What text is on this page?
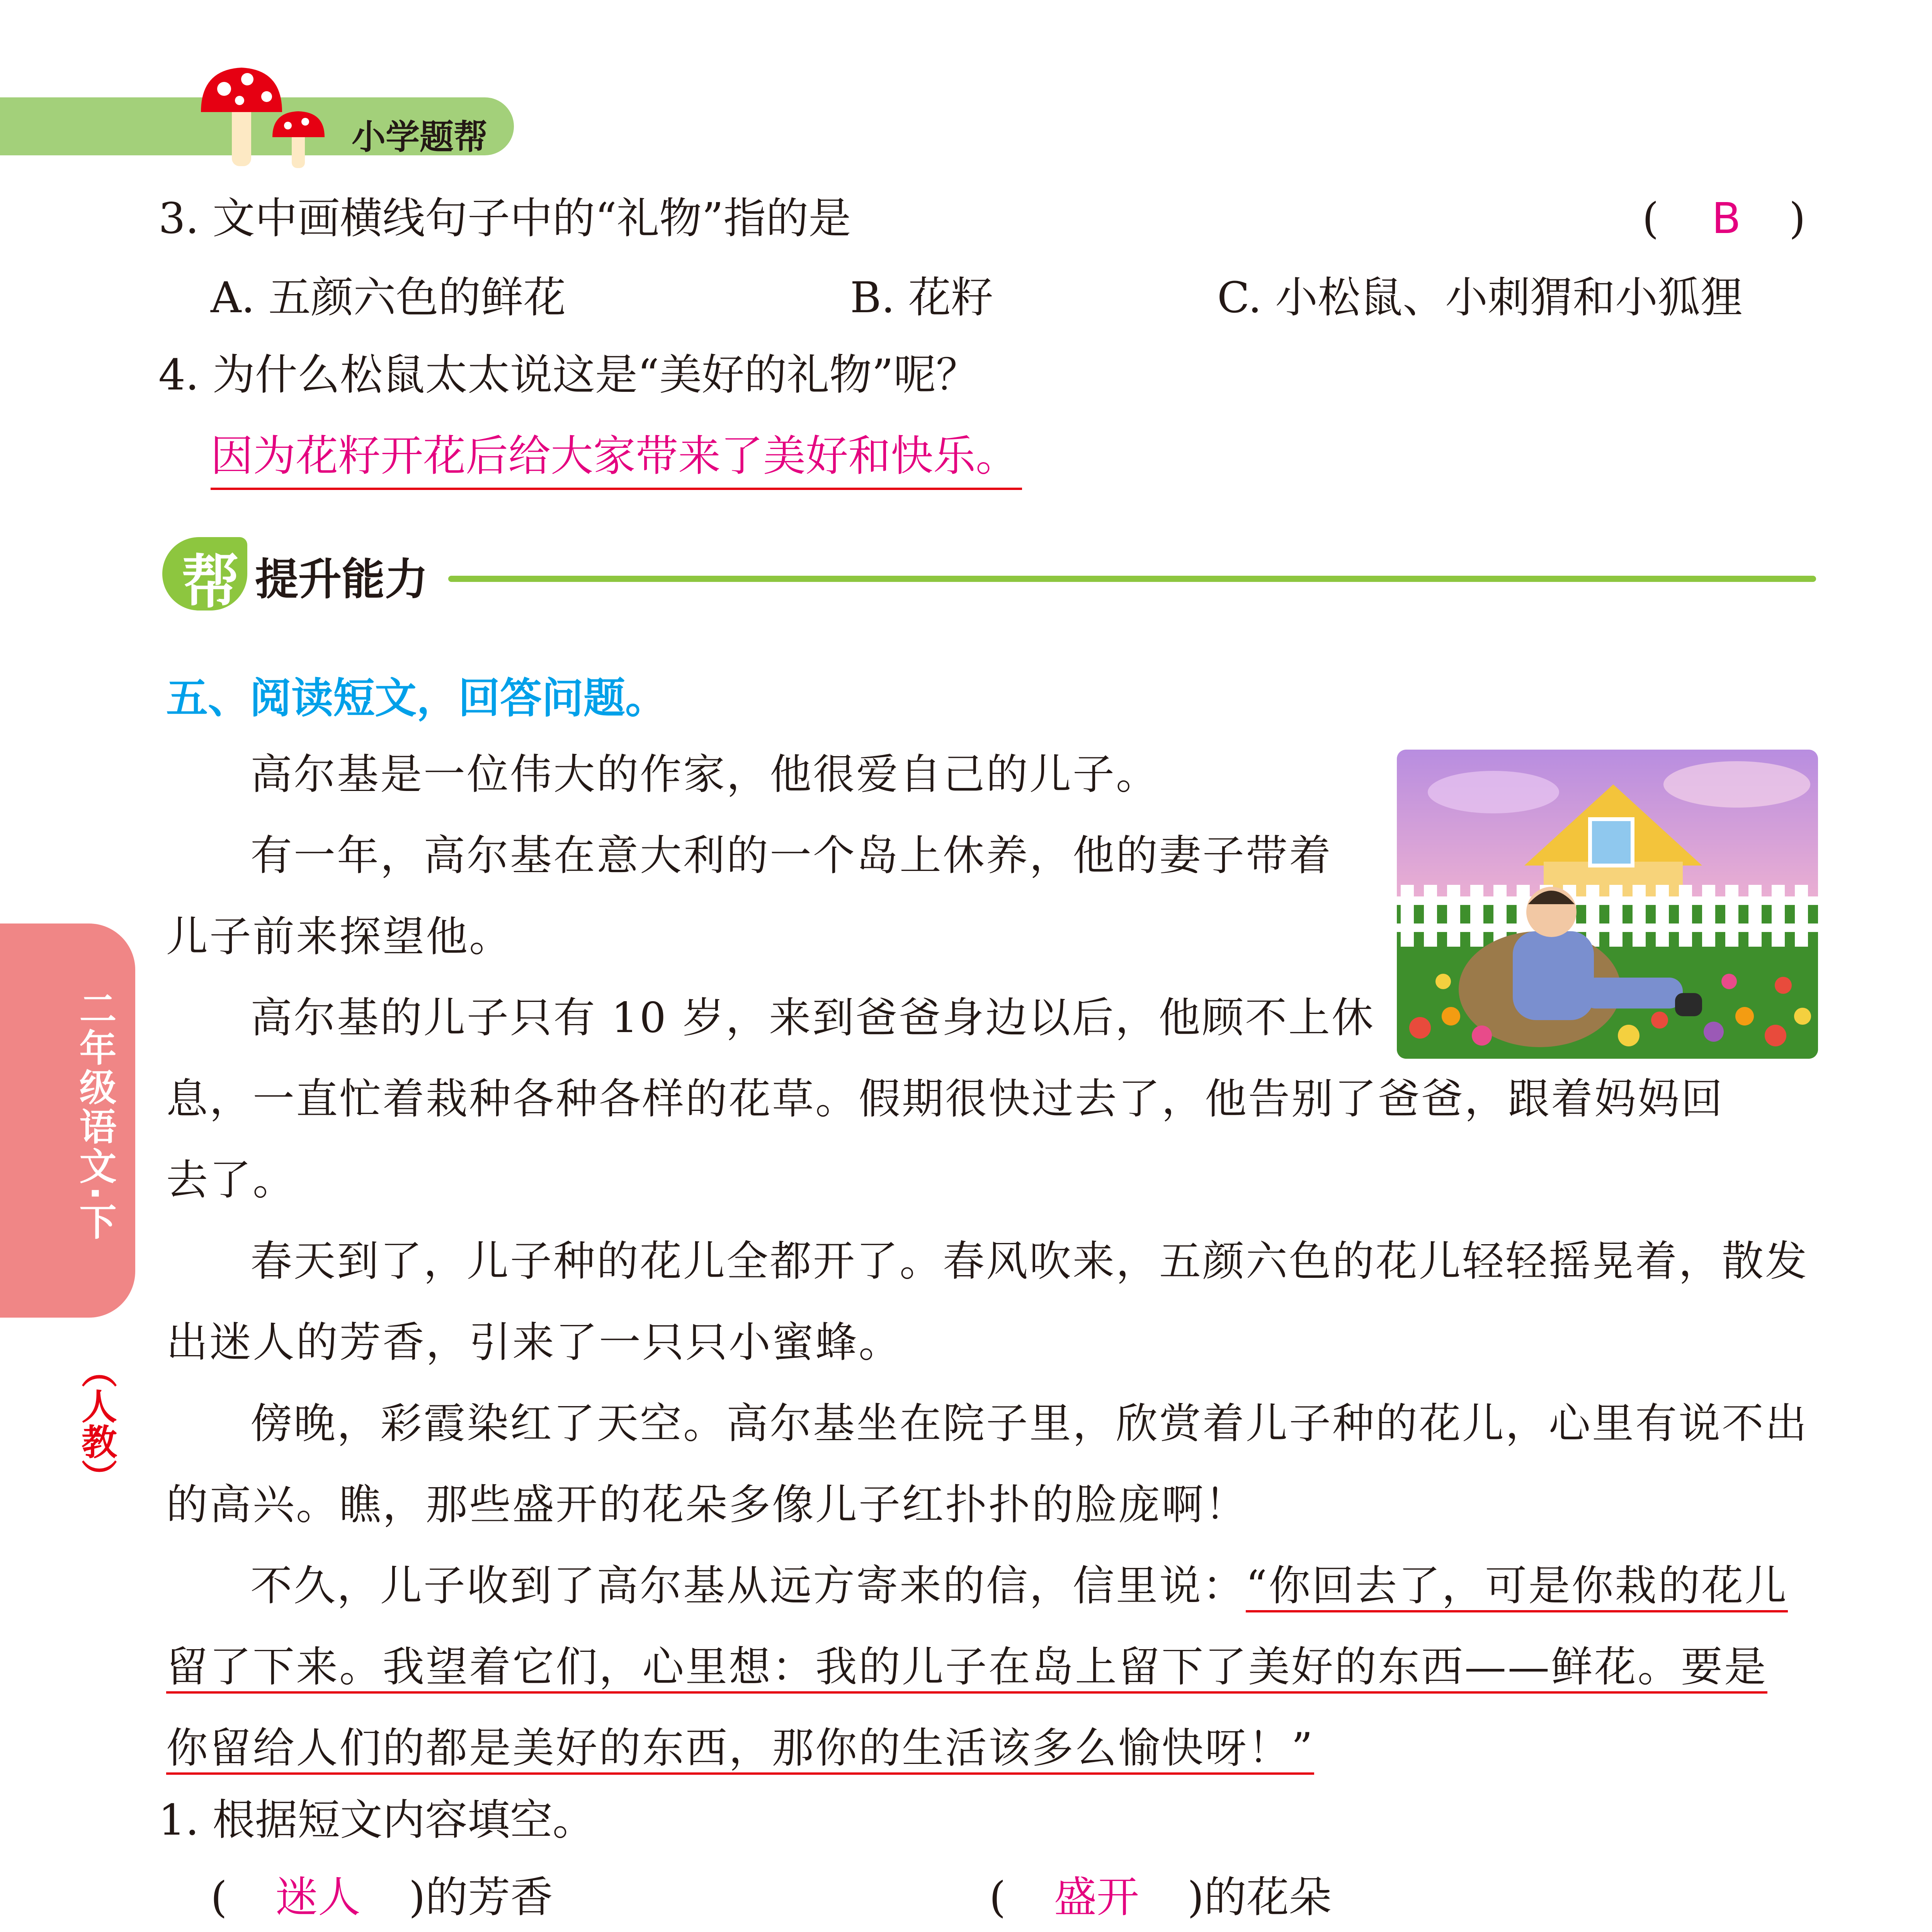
小学题帮
二年级语文·下
（人教）
3. 文中画横线句子中的“礼物”指的是	( B )
A. 五颜六色的鲜花	B. 花籽	C. 小松鼠、小刺猬和小狐狸
4. 为什么松鼠太太说这是“美好的礼物”呢？
因为花籽开花后给大家带来了美好和快乐。
帮 提升能力
五、阅读短文，回答问题。
高尔基是一位伟大的作家，他很爱自己的儿子。
有一年，高尔基在意大利的一个岛上休养，他的妻子带着
儿子前来探望他。
高尔基的儿子只有 10 岁，来到爸爸身边以后，他顾不上休
息，一直忙着栽种各种各样的花草。假期很快过去了，他告别了爸爸，跟着妈妈回
去了。
春天到了，儿子种的花儿全都开了。春风吹来，五颜六色的花儿轻轻摇晃着，散发
出迷人的芳香，引来了一只只小蜜蜂。
傍晚，彩霞染红了天空。高尔基坐在院子里，欣赏着儿子种的花儿，心里有说不出
的高兴。瞧，那些盛开的花朵多像儿子红扑扑的脸庞啊！
不久，儿子收到了高尔基从远方寄来的信，信里说：“你回去了，可是你栽的花儿
留了下来。我望着它们，心里想：我的儿子在岛上留下了美好的东西——鲜花。要是
你留给人们的都是美好的东西，那你的生活该多么愉快呀！”
1. 根据短文内容填空。
( 迷人 )的芳香	( 盛开 )的花朵
